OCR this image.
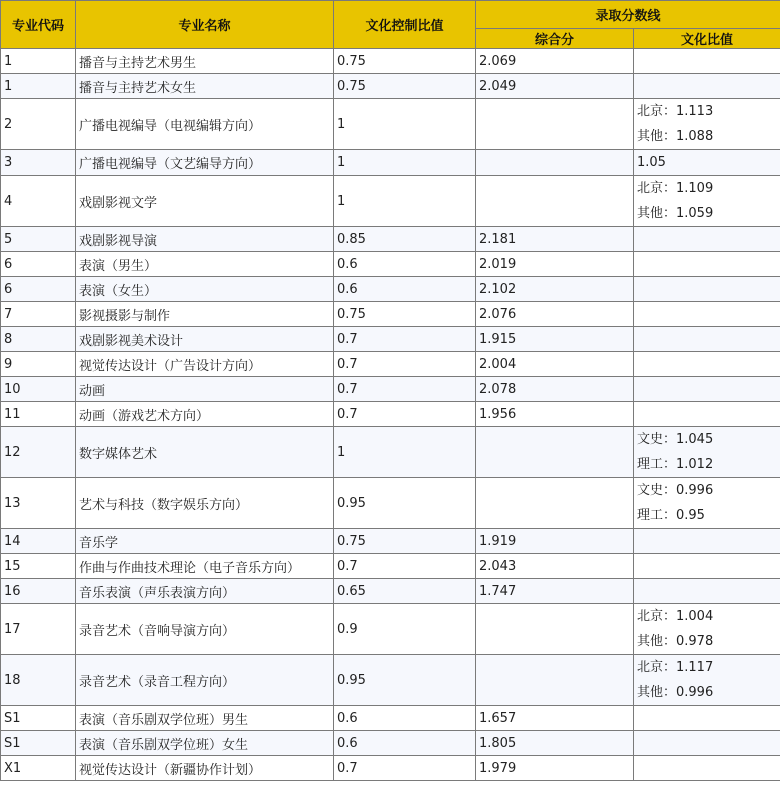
专业代码	专业名称	文化控制比值	录取分数线	
			综合分	文化比值
1	播音与主持艺术男生	0.75	2.069	
1	播音与主持艺术女生	0.75	2.049	
2	广播电视编导（电视编辑方向）	1		北京：1.113
其他：1.088

3	广播电视编导（文艺编导方向）	1		1.05

4	戏剧影视文学	1		北京：1.109
其他：1.059

5	戏剧影视导演	0.85	2.181	
6	表演（男生）	0.6	2.019	
6	表演（女生）	0.6	2.102	
7	影视摄影与制作	0.75	2.076	
8	戏剧影视美术设计	0.7	1.915	
9	视觉传达设计（广告设计方向）	0.7	2.004	
10	动画	0.7	2.078	
11	动画（游戏艺术方向）	0.7	1.956	
12	数字媒体艺术	1		文史：1.045
理工：1.012

13	艺术与科技（数字娱乐方向）	0.95		文史：0.996
理工：0.95

14	音乐学	0.75	1.919	
15	作曲与作曲技术理论（电子音乐方向）	0.7	2.043	
16	音乐表演（声乐表演方向）	0.65	1.747	
17	录音艺术（音响导演方向）	0.9		北京：1.004
其他：0.978

18	录音艺术（录音工程方向）	0.95		北京：1.117
其他：0.996

S1	表演（音乐剧双学位班）男生	0.6	1.657	
S1	表演（音乐剧双学位班）女生	0.6	1.805	
X1	视觉传达设计（新疆协作计划）	0.7	1.979	
